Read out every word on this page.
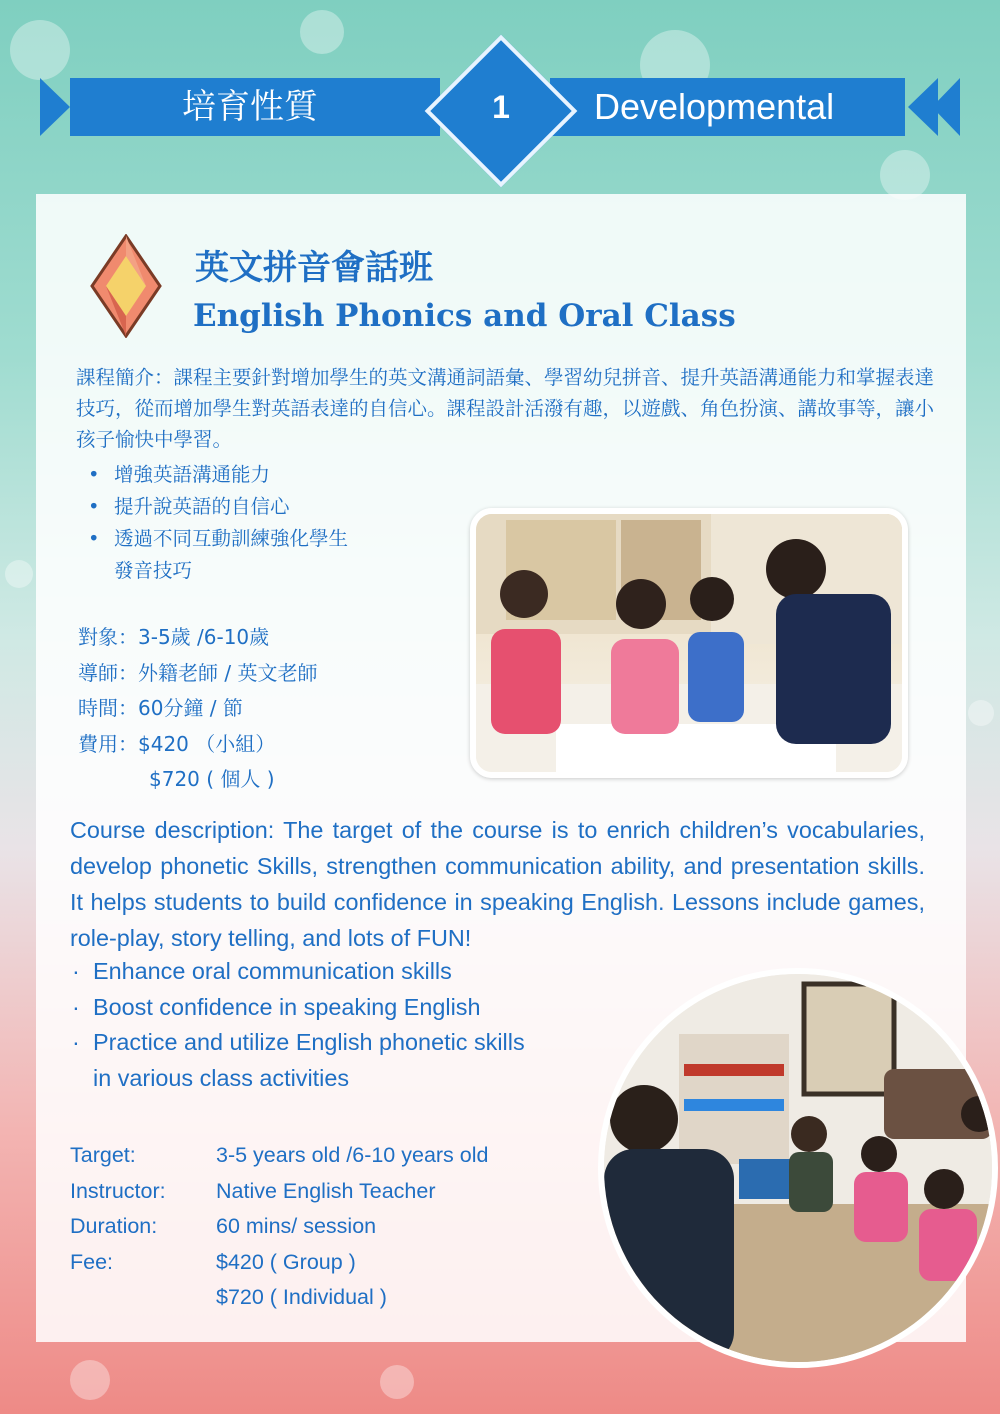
培育性質	Developmental
1
英文拼音會話班
English Phonics and Oral Class
課程簡介：課程主要針對增加學生的英文溝通詞語彙、學習幼兒拼音、提升英語溝通能力和掌握表達技巧，從而增加學生對英語表達的自信心。課程設計活潑有趣，以遊戲、角色扮演、講故事等，讓小孩子愉快中學習。
• 增強英語溝通能力
• 提升說英語的自信心
• 透過不同互動訓練強化學生
發音技巧
對象：3-5歲 /6-10歲
導師：外籍老師 / 英文老師
時間：60分鐘 / 節
費用：$420 （小組）
$720 ( 個人 )
Course description: The target of the course is to enrich children’s vocabularies, develop phonetic Skills, strengthen communication ability, and presentation skills. It helps students to build confidence in speaking English. Lessons include games, role-play, story telling, and lots of FUN!
· Enhance oral communication skills
· Boost confidence in speaking English
· Practice and utilize English phonetic skills
in various class activities
Target:	3-5 years old /6-10 years old
Instructor: Native English Teacher
Duration:	60 mins/ session
Fee:	$420 ( Group )
$720 ( Individual )
